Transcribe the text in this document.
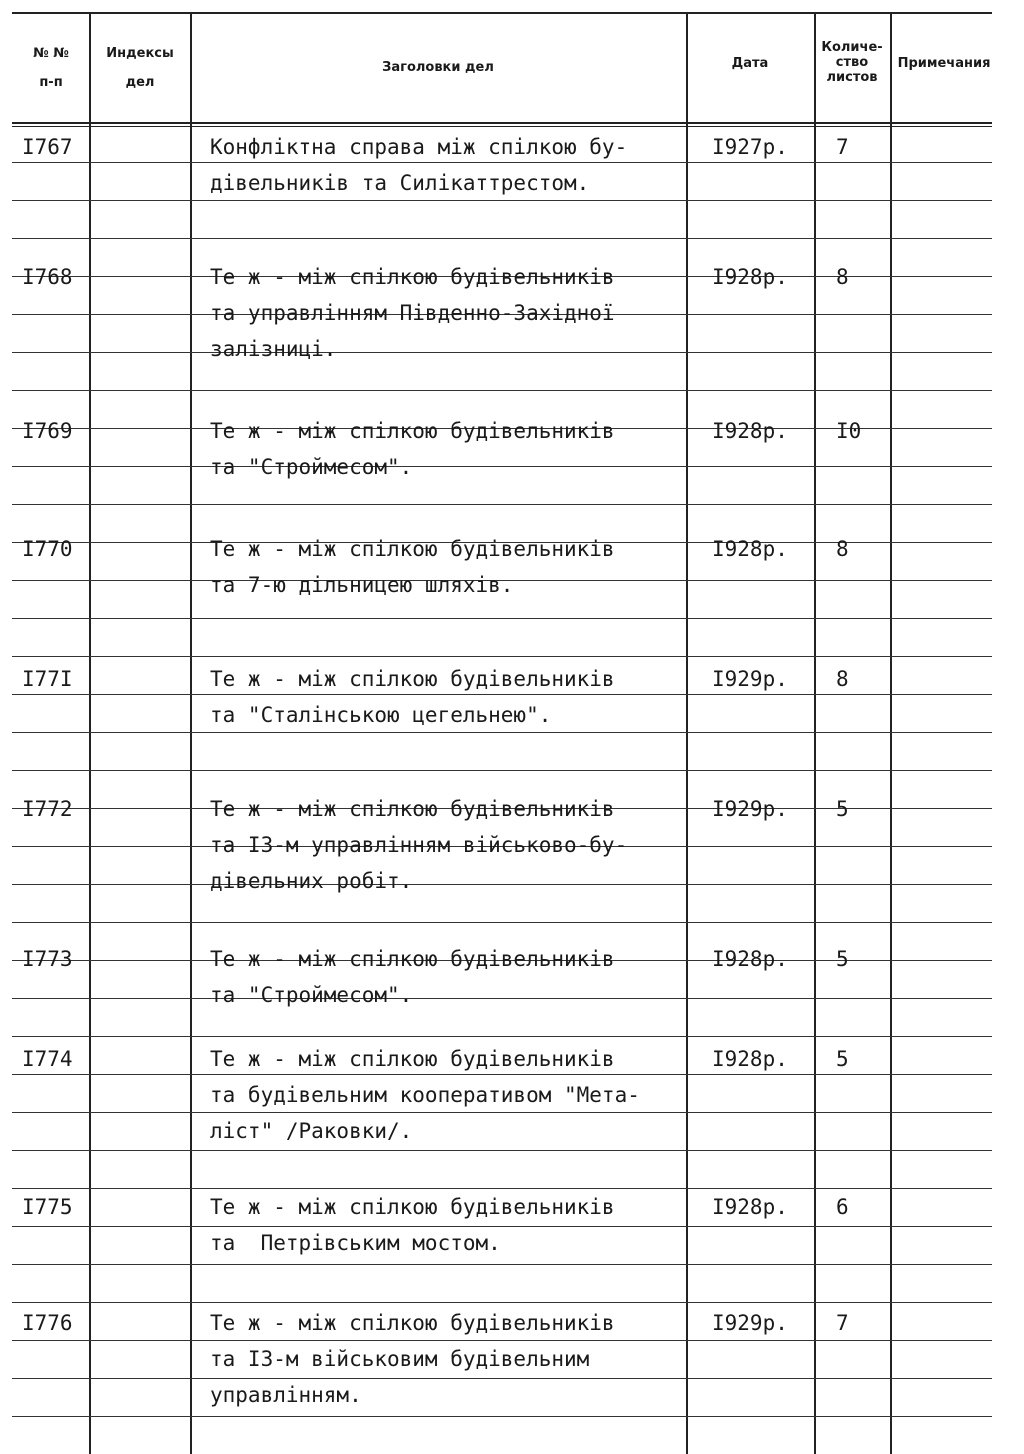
№ №
п-п
Индексы
дел
Заголовки дел	Дата
Количе-
ство
листов
Примечания
I767	Конфлiктна справа мiж спiлкою бу-
дiвельникiв та Силiкаттрестом.
I927р. 7
I768	Те ж - мiж спiлкою будiвельникiв
та управлiнням Пiвденно-Захiдної
залiзницi.
I928р. 8
I769	Те ж - мiж спiлкою будiвельникiв
та "Строймесом".
I928р. I0
I770	Те ж - мiж спiлкою будiвельникiв
та 7-ю дiльницею шляхiв.
I928р. 8
I77I	Те ж - мiж спiлкою будiвельникiв
та "Сталiнською цегельнею".
I929р. 8
I772	Те ж - мiж спiлкою будiвельникiв
та I3-м управлiнням вiйськово-бу-
дiвельних робiт.
I929р. 5
I773	Те ж - мiж спiлкою будiвельникiв
та "Строймесом".
I928р. 5
I774	Те ж - мiж спiлкою будiвельникiв
та будiвельним кооперативом "Мета-
лiст" /Раковки/.
I928р. 5
I775	Те ж - мiж спiлкою будiвельникiв
та  Петрiвським мостом.
I928р. 6
I776	Те ж - мiж спiлкою будiвельникiв
та I3-м вiйськовим будiвельним
управлiнням.
I929р. 7
